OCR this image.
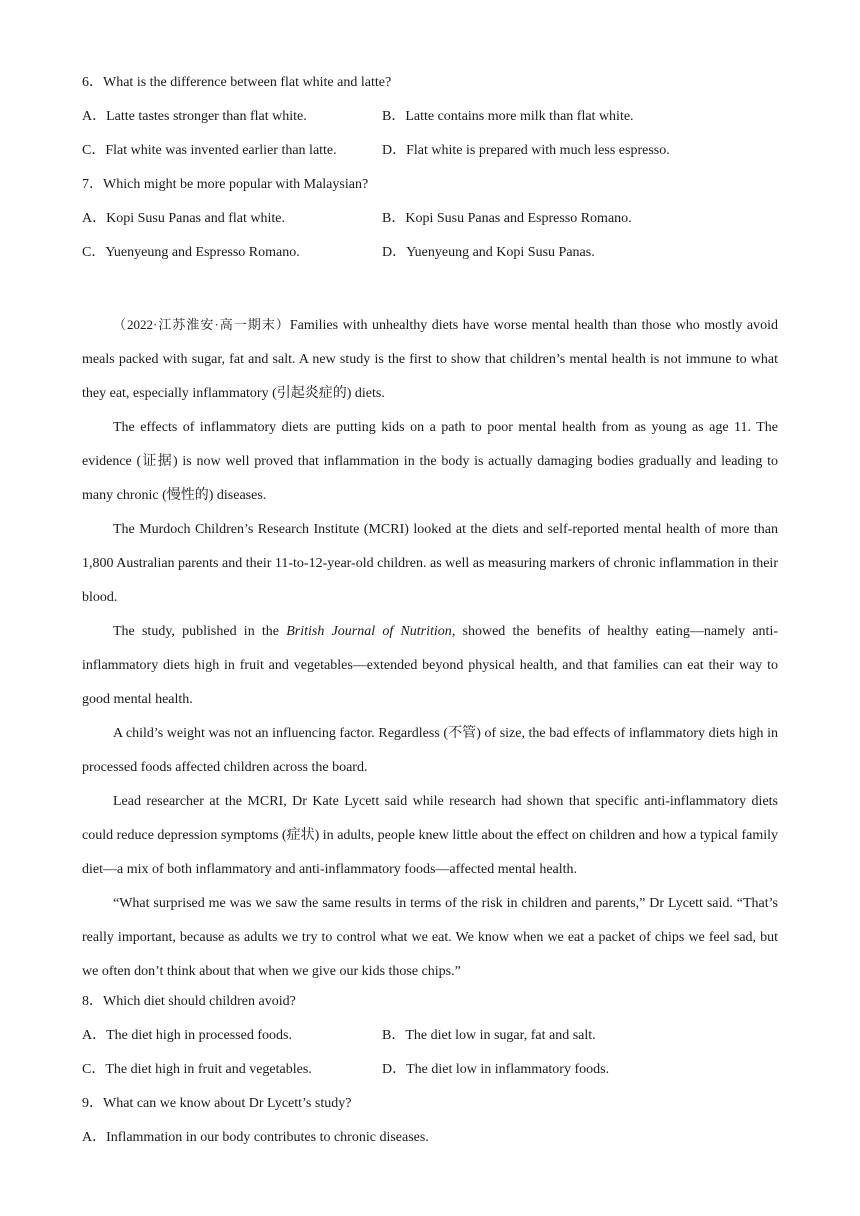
6．What is the difference between flat white and latte?
A．Latte tastes stronger than flat white.	B．Latte contains more milk than flat white.
C．Flat white was invented earlier than latte.	D．Flat white is prepared with much less espresso.
7．Which might be more popular with Malaysian?
A．Kopi Susu Panas and flat white.	B．Kopi Susu Panas and Espresso Romano.
C．Yuenyeung and Espresso Romano.	D．Yuenyeung and Kopi Susu Panas.

（2022·江苏淮安·高一期末）Families with unhealthy diets have worse mental health than those who mostly avoid meals packed with sugar, fat and salt. A new study is the first to show that children’s mental health is not immune to what they eat, especially inflammatory (引起炎症的) diets.

The effects of inflammatory diets are putting kids on a path to poor mental health from as young as age 11. The evidence (证据) is now well proved that inflammation in the body is actually damaging bodies gradually and leading to many chronic (慢性的) diseases.

The Murdoch Children’s Research Institute (MCRI) looked at the diets and self-reported mental health of more than 1,800 Australian parents and their 11-to-12-year-old children. as well as measuring markers of chronic inflammation in their blood.

The study, published in the British Journal of Nutrition, showed the benefits of healthy eating—namely anti-inflammatory diets high in fruit and vegetables—extended beyond physical health, and that families can eat their way to good mental health.

A child’s weight was not an influencing factor. Regardless (不管) of size, the bad effects of inflammatory diets high in processed foods affected children across the board.

Lead researcher at the MCRI, Dr Kate Lycett said while research had shown that specific anti-inflammatory diets could reduce depression symptoms (症状) in adults, people knew little about the effect on children and how a typical family diet—a mix of both inflammatory and anti-inflammatory foods—affected mental health.

“What surprised me was we saw the same results in terms of the risk in children and parents,” Dr Lycett said. “That’s really important, because as adults we try to control what we eat. We know when we eat a packet of chips we feel sad, but we often don’t think about that when we give our kids those chips.”

8．Which diet should children avoid?
A．The diet high in processed foods.	B．The diet low in sugar, fat and salt.
C．The diet high in fruit and vegetables.	D．The diet low in inflammatory foods.
9．What can we know about Dr Lycett’s study?
A．Inflammation in our body contributes to chronic diseases.
